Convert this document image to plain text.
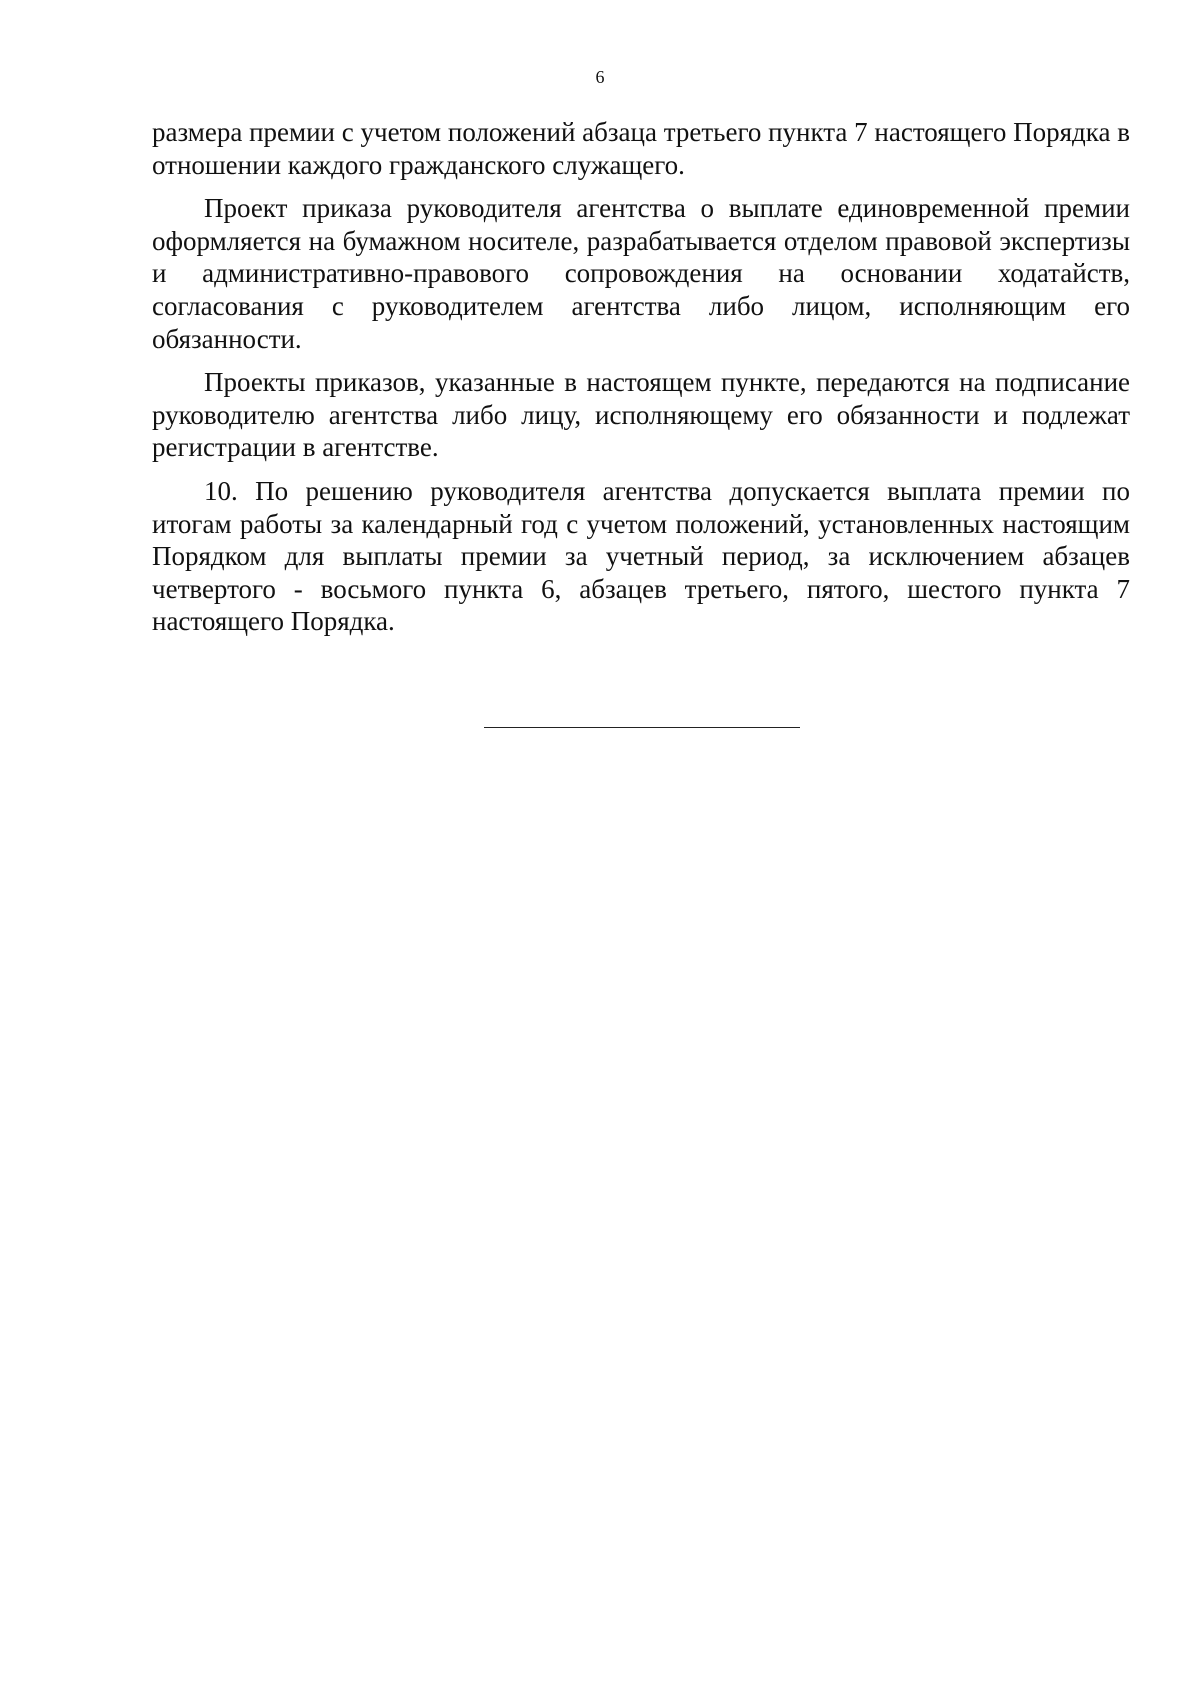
6

размера премии с учетом положений абзаца третьего пункта 7 настоящего Порядка в отношении каждого гражданского служащего.

Проект приказа руководителя агентства о выплате единовременной премии оформляется на бумажном носителе, разрабатывается отделом правовой экспертизы и административно-правового сопровождения на основании ходатайств, согласования с руководителем агентства либо лицом, исполняющим его обязанности.

Проекты приказов, указанные в настоящем пункте, передаются на подписание руководителю агентства либо лицу, исполняющему его обязанности и подлежат регистрации в агентстве.

10. По решению руководителя агентства допускается выплата премии по итогам работы за календарный год с учетом положений, установленных настоящим Порядком для выплаты премии за учетный период, за исключением абзацев четвертого - восьмого пункта 6, абзацев третьего, пятого, шестого пункта 7 настоящего Порядка.
